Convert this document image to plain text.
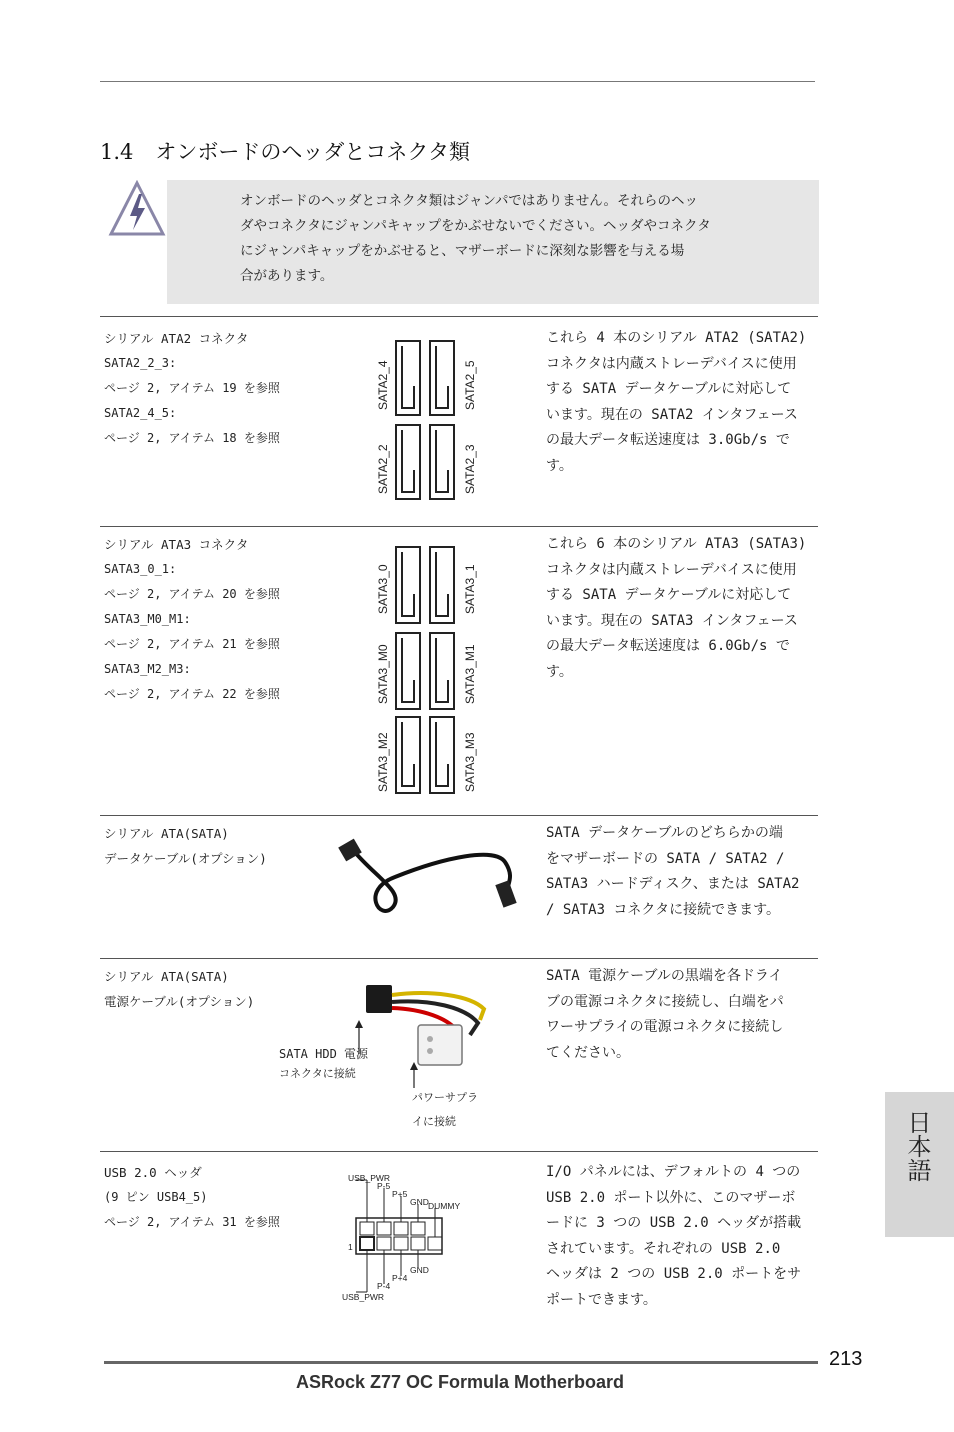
1.4 オンボードのヘッダとコネクタ類
オンボードのヘッダとコネクタ類はジャンパではありません。それらのヘッ
ダやコネクタにジャンパキャップをかぶせないでください。ヘッダやコネクタ
にジャンパキャップをかぶせると、マザーボードに深刻な影響を与える場
合があります。
シリアル ATA2 コネクタ
SATA2_2_3:
ページ 2, アイテム 19 を参照
SATA2_4_5:
ページ 2, アイテム 18 を参照
SATA2_4	SATA2_5
SATA2_2	SATA2_3
これら 4 本のシリアル ATA2 (SATA2)
コネクタは内蔵ストレーデバイスに使用
する SATA データケーブルに対応して
います。現在の SATA2 インタフェース
の最大データ転送速度は 3.0Gb/s で
す。
シリアル ATA3 コネクタ
SATA3_0_1:
ページ 2, アイテム 20 を参照
SATA3_M0_M1:
ページ 2, アイテム 21 を参照
SATA3_M2_M3:
ページ 2, アイテム 22 を参照
SATA3_0	SATA3_1
SATA3_M0	SATA3_M1
SATA3_M2	SATA3_M3
これら 6 本のシリアル ATA3 (SATA3)
コネクタは内蔵ストレーデバイスに使用
する SATA データケーブルに対応して
います。現在の SATA3 インタフェース
の最大データ転送速度は 6.0Gb/s で
す。
シリアル ATA(SATA)
データケーブル(オプション)
SATA データケーブルのどちらかの端
をマザーボードの SATA / SATA2 /
SATA3 ハードディスク、または SATA2
/ SATA3 コネクタに接続できます。
シリアル ATA(SATA)
電源ケーブル(オプション)
SATA HDD 電源
コネクタに接続
パワーサプラ
イに接続
SATA 電源ケーブルの黒端を各ドライ
ブの電源コネクタに接続し、白端をパ
ワーサプライの電源コネクタに接続し
てください。
USB 2.0 ヘッダ
(9 ピン USB4_5)
ページ 2, アイテム 31 を参照
USB_PWR
P-5
P+5
GND DUMMY
1
GND
P+4
P-4
USB_PWR
I/O パネルには、デフォルトの 4 つの
USB 2.0 ポート以外に、このマザーボ
ードに 3 つの USB 2.0 ヘッダが搭載
されています。それぞれの USB 2.0
ヘッダは 2 つの USB 2.0 ポートをサ
ポートできます。
日本語
213
ASRock Z77 OC Formula Motherboard
